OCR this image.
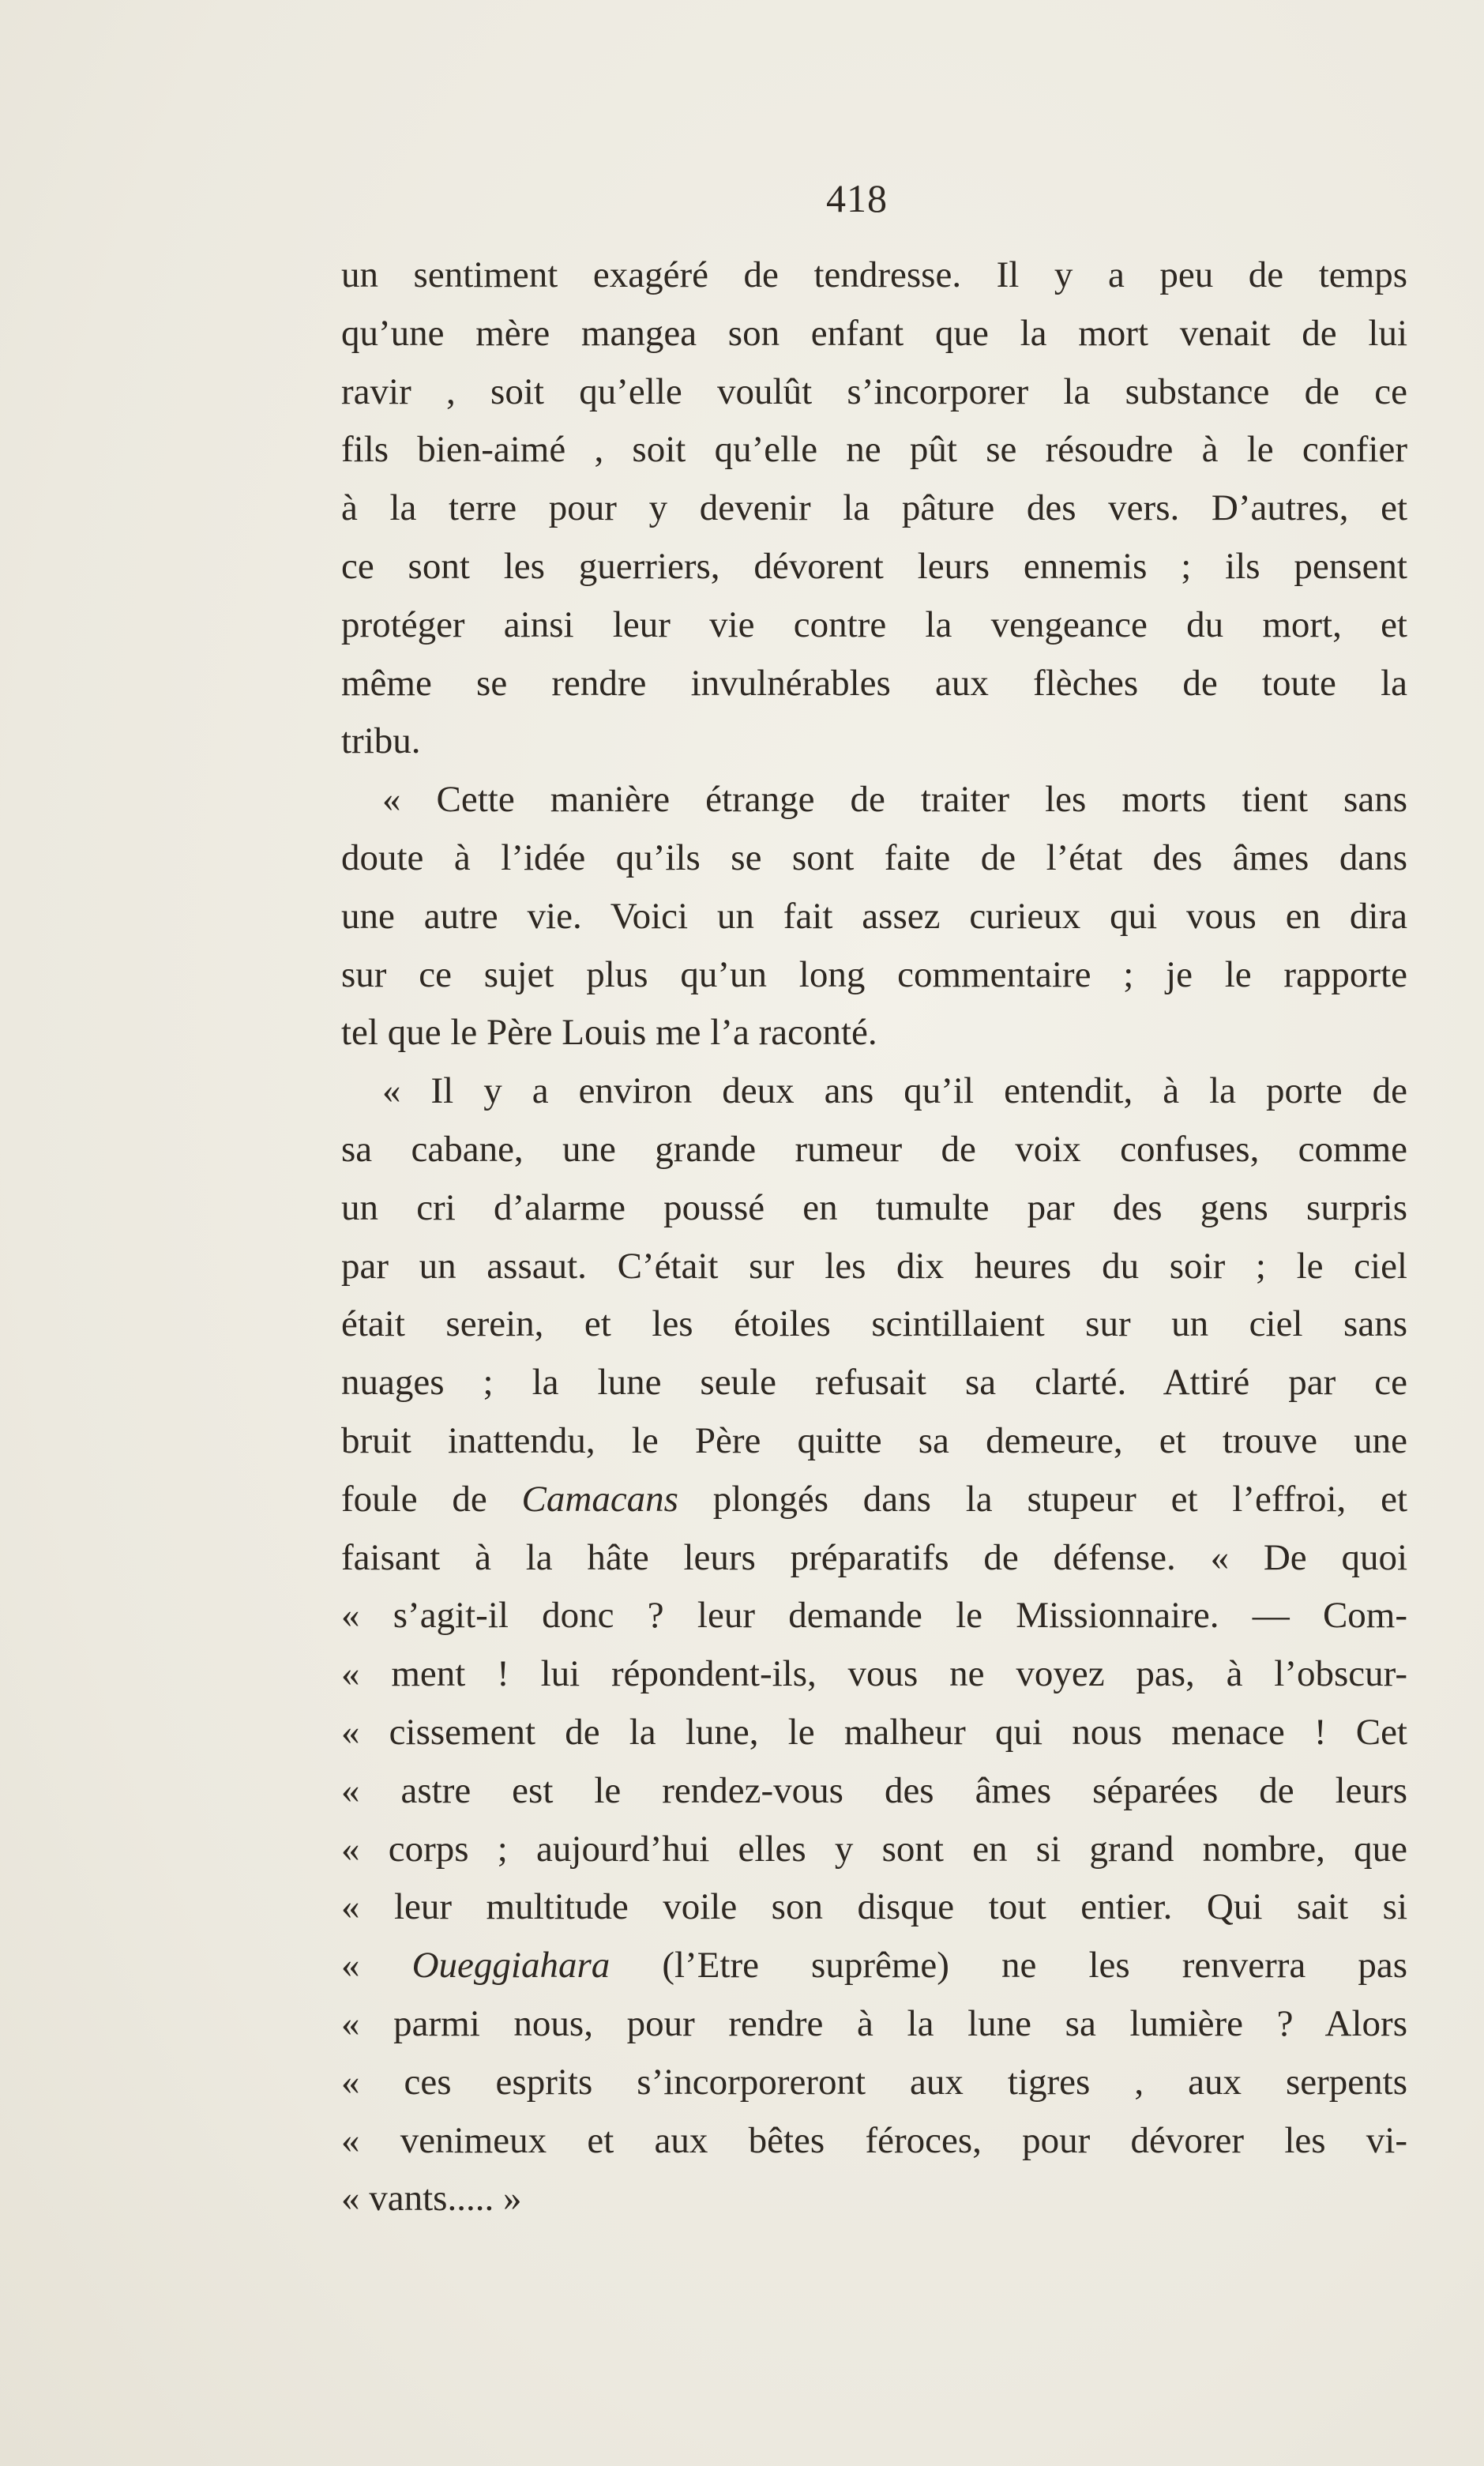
418
un sentiment exagéré de tendresse. Il y a peu de temps
qu’une mère mangea son enfant que la mort venait de lui
ravir , soit qu’elle voulût s’incorporer la substance de ce
fils bien-aimé , soit qu’elle ne pût se résoudre à le confier
à la terre pour y devenir la pâture des vers. D’autres, et
ce sont les guerriers, dévorent leurs ennemis ; ils pensent
protéger ainsi leur vie contre la vengeance du mort, et
même se rendre invulnérables aux flèches de toute la
tribu.
« Cette manière étrange de traiter les morts tient sans
doute à l’idée qu’ils se sont faite de l’état des âmes dans
une autre vie. Voici un fait assez curieux qui vous en dira
sur ce sujet plus qu’un long commentaire ; je le rapporte
tel que le Père Louis me l’a raconté.
« Il y a environ deux ans qu’il entendit, à la porte de
sa cabane, une grande rumeur de voix confuses, comme
un cri d’alarme poussé en tumulte par des gens surpris
par un assaut. C’était sur les dix heures du soir ; le ciel
était serein, et les étoiles scintillaient sur un ciel sans
nuages ; la lune seule refusait sa clarté. Attiré par ce
bruit inattendu, le Père quitte sa demeure, et trouve une
foule de Camacans plongés dans la stupeur et l’effroi, et
faisant à la hâte leurs préparatifs de défense. « De quoi
« s’agit-il donc ? leur demande le Missionnaire. — Com-
« ment ! lui répondent-ils, vous ne voyez pas, à l’obscur-
« cissement de la lune, le malheur qui nous menace ! Cet
« astre est le rendez-vous des âmes séparées de leurs
« corps ; aujourd’hui elles y sont en si grand nombre, que
« leur multitude voile son disque tout entier. Qui sait si
« Oueggiahara (l’Etre suprême) ne les renverra pas
« parmi nous, pour rendre à la lune sa lumière ? Alors
« ces esprits s’incorporeront aux tigres , aux serpents
« venimeux et aux bêtes féroces, pour dévorer les vi-
« vants..... »
